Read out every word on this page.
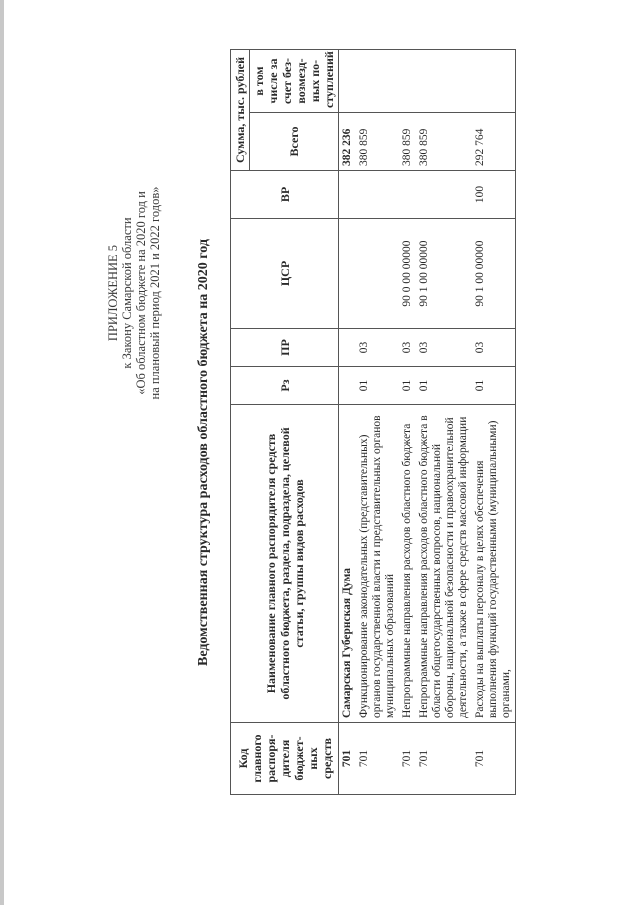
ПРИЛОЖЕНИЕ 5 к Закону Самарской области «Об областном бюджете на 2020 год и на плановый период 2021 и 2022 годов» Ведомственная структура расходов областного бюджета на 2020 год
Код главного распоря- дителя бюджет- ных средств	Наименование главного распорядителя средств областного бюджета, раздела, подраздела, целевой статьи, группы видов расходов	Рз	ПР	ЦСР	ВР	Сумма, тыс. рублей	
						Всего	в том числе за счет без- возмезд- ных по- ступлений
701	Самарская Губернская Дума					382 236	
701	Функционирование законодательных (представительных) органов государственной власти и представительных органов муниципальных образований	01	03			380 859	
701	Непрограммные направления расходов областного бюджета	01	03	90 0 00 00000		380 859	
701	Непрограммные направления расходов областного бюджета в области общегосударственных вопросов, национальной обороны, национальной безопасности и правоохранительной деятельности, а также в сфере средств массовой информации	01	03	90 1 00 00000		380 859	
701	Расходы на выплаты персоналу в целях обеспечения выполнения функций государственными (муниципальными) органами,	01	03	90 1 00 00000	100	292 764	
